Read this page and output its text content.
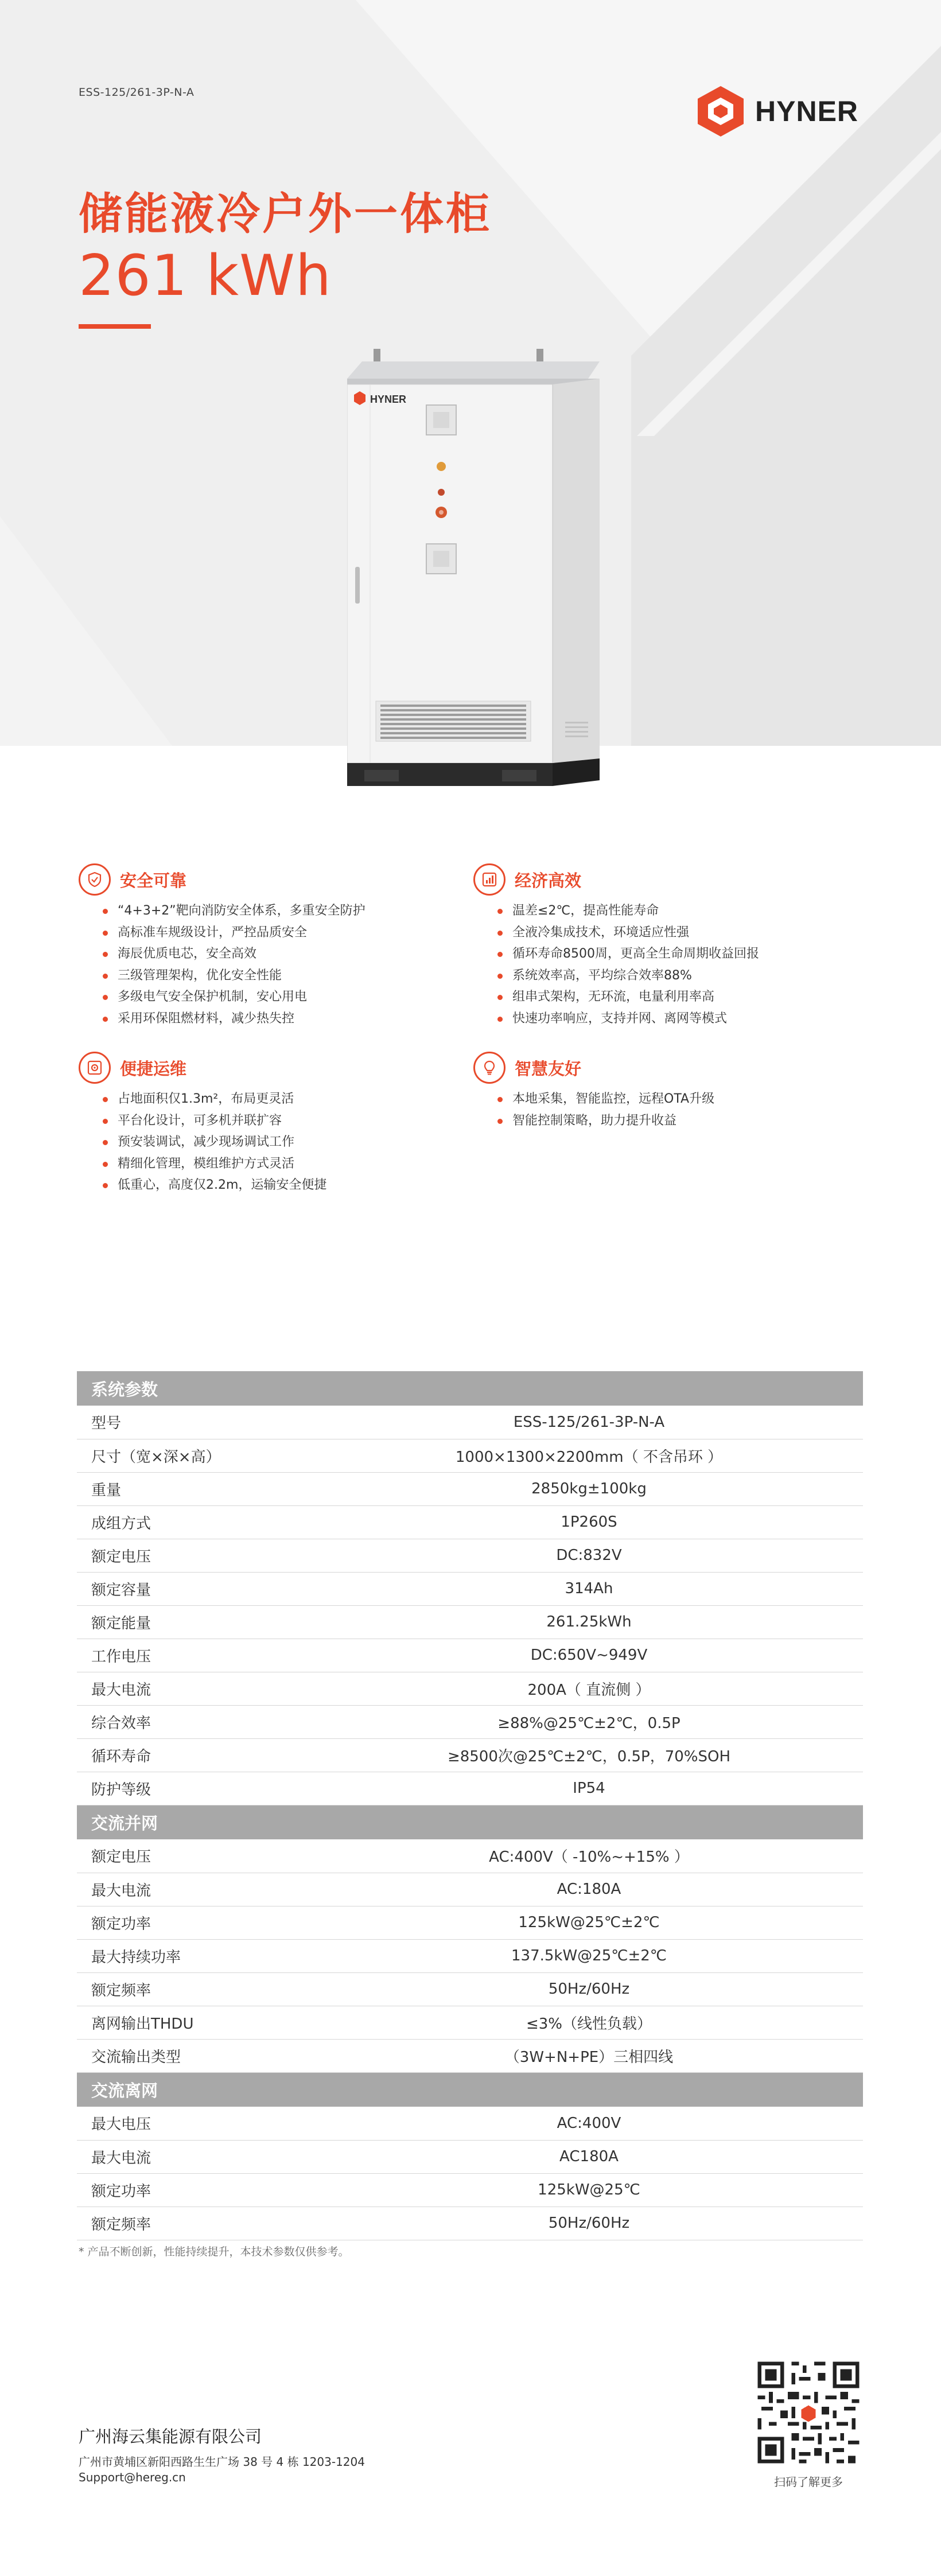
ESS-125/261-3P-N-A
HYNER
储能液冷户外一体柜
261 kWh
HYNER
安全可靠
“4+3+2”靶向消防安全体系，多重安全防护
高标准车规级设计，严控品质安全
海辰优质电芯，安全高效
三级管理架构，优化安全性能
多级电气安全保护机制，安心用电
采用环保阻燃材料，减少热失控
经济高效
温差≤2℃，提高性能寿命
全液冷集成技术，环境适应性强
循环寿命8500周，更高全生命周期收益回报
系统效率高，平均综合效率88%
组串式架构，无环流，电量利用率高
快速功率响应，支持并网、离网等模式
便捷运维
占地面积仅1.3m²，布局更灵活
平台化设计，可多机并联扩容
预安装调试，减少现场调试工作
精细化管理，模组维护方式灵活
低重心，高度仅2.2m，运输安全便捷
智慧友好
本地采集，智能监控，远程OTA升级
智能控制策略，助力提升收益
系统参数	
型号	ESS-125/261-3P-N-A
尺寸（宽×深×高）	1000×1300×2200mm（ 不含吊环 ）
重量	2850kg±100kg
成组方式	1P260S
额定电压	DC:832V
额定容量	314Ah
额定能量	261.25kWh
工作电压	DC:650V~949V
最大电流	200A（ 直流侧 ）
综合效率	≥88%@25℃±2℃，0.5P
循环寿命	≥8500次@25℃±2℃，0.5P，70%SOH
防护等级	IP54
交流并网	
额定电压	AC:400V（ -10%~+15% ）
最大电流	AC:180A
额定功率	125kW@25℃±2℃
最大持续功率	137.5kW@25℃±2℃
额定频率	50Hz/60Hz
离网输出THDU	≤3%（线性负载）
交流输出类型	（3W+N+PE）三相四线
交流离网	
最大电压	AC:400V
最大电流	AC180A
额定功率	125kW@25℃
额定频率	50Hz/60Hz
* 产品不断创新，性能持续提升，本技术参数仅供参考。
广州海云集能源有限公司
广州市黄埔区新阳西路生生广场 38 号 4 栋 1203-1204
Support@hereg.cn	扫码了解更多
